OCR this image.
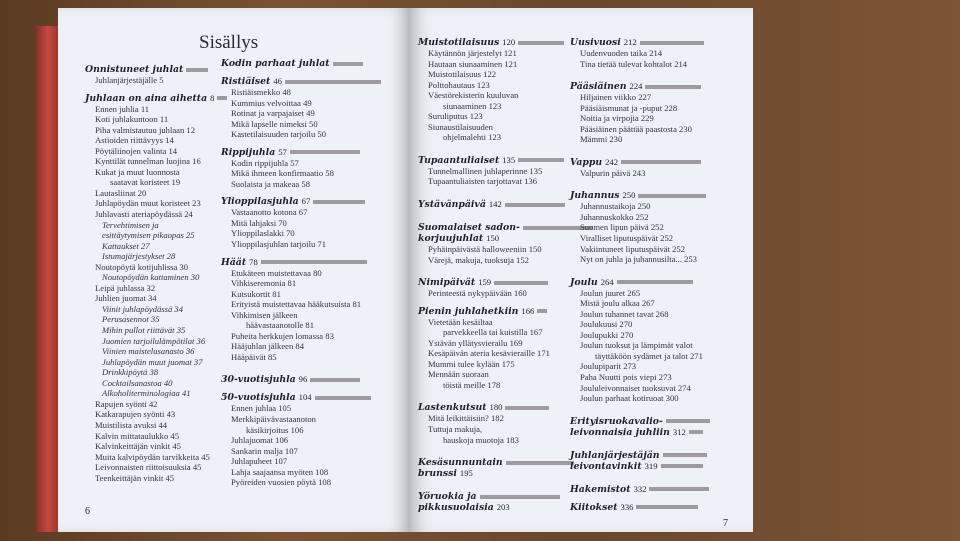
Sisällys
Onnistuneet juhlat
Juhlanjärjestäjälle 5
Juhlaan on aina aihetta 8
Ennen juhlia 11
Koti juhlakuntoon 11
Piha valmistautuu juhlaan 12
Astioiden riittävyys 14
Pöytäliinojen valinta 14
Kynttilät tunnelman luojina 16
Kukat ja muut luonnosta
saatavat koristeet 19
Lautasliinat 20
Juhlapöydän muut koristeet 23
Juhlavasti ateriapöydässä 24
Tervehtimisen ja
esittäytymisen pikaopas 25
Kattaukset 27
Istumajärjestykset 28
Noutopöytä kotijuhlissa 30
Noutopöydän kattaminen 30
Leipä juhlassa 32
Juhlien juomat 34
Viinit juhlapöydässä 34
Perusasennot 35
Mihin pullot riittävät 35
Juomien tarjoilulämpötilat 36
Viinien maistelusanasto 36
Juhlapöydän muut juomat 37
Drinkkipöytä 38
Cocktailsanastoa 40
Alkoholiterminologiaa 41
Rapujen syönti 42
Katkarapujen syönti 43
Muistilista avuksi 44
Kalvin mittataulukko 45
Kalvinkeittäjän vinkit 45
Muita kalvipöydän tarvikkeita 45
Leivonnaisten riittoisuuksia 45
Teenkeittäjän vinkit 45
Kodin parhaat juhlat
Ristiäiset 46
Ristiäismekko 48
Kummius velvoittaa 49
Rotinat ja varpajaiset 49
Mikä lapselle nimeksi 50
Kastetilaisuuden tarjoilu 50
Rippijuhla 57
Kodin rippijuhla 57
Mikä ihmeen konfirmaatio 58
Suolaista ja makeaa 58
Ylioppilasjuhla 67
Vastaanotto kotona 67
Mitä lahjaksi 70
Ylioppilaslakki 70
Ylioppilasjuhlan tarjoilu 71
Häät 78
Etukäteen muistettavaa 80
Vihkiseremonia 81
Kutsukortit 81
Erityistä muistettavaa hääkutsuista 81
Vihkimisen jälkeen
häävastaanotolle 81
Puheita herkkujen lomassa 83
Hääjuhlan jälkeen 84
Hääpäivät 85
30-vuotisjuhla 96
50-vuotisjuhla 104
Ennen juhlaa 105
Merkkipäivävastaanoton
käsikirjoitus 106
Juhlajuomat 106
Sankarin malja 107
Juhlapuheet 107
Lahja saajaansa myöten 108
Pyöreiden vuosien pöytä 108
6
Muistotilaisuus 120
Käytännön järjestelyt 121
Hautaan siunaaminen 121
Muistotilaisuus 122
Polttohautaus 123
Väestörekisterin kuuluvan
siunaaminen 123
Suruliputus 123
Siunaustilaisuuden
ohjelmalehti 123
Tupaantuliaiset 135
Tunnelmallinen juhlaperinne 135
Tupaantuliaisten tarjottavat 136
Ystävänpäivä 142
Suomalaiset sadon-
korjuujuhlat 150
Pyhäinpäivästä halloweeniin 150
Värejä, makuja, tuoksuja 152
Nimipäivät 159
Perinteestä nykypäivään 160
Pienin juhlahetkiin 166
Vietetään kesäiltaa
parvekkeella tai kuistilla 167
Ystävän yllätysvierailu 169
Kesäpäivän ateria kesävieraille 171
Mummi tulee kylään 175
Mennään suoraan
töistä meille 178
Lastenkutsut 180
Mitä leikittäisiin? 182
Tuttuja makuja,
hauskoja muotoja 183
Kesäsunnuntain
brunssi 195
Yöruokia ja
pikkusuolaisia 203
Uusivuosi 212
Uudenvuoden taika 214
Tina tietää tulevat kohtalot 214
Pääsiäinen 224
Hiljainen viikko 227
Pääsiäismunat ja -puput 228
Noitia ja virpojia 229
Pääsiäinen päättää paastosta 230
Mämmi 230
Vappu 242
Valpurin päivä 243
Juhannus 250
Juhannustaikoja 250
Juhannuskokko 252
Suomen lipun päivä 252
Viralliset liputuspäivät 252
Vakiintuneet liputuspäivät 252
Nyt on juhla ja juhannusilta... 253
Joulu 264
Joulun juuret 265
Mistä joulu alkaa 267
Joulun tuhannet tavat 268
Joulukuusi 270
Joulupukki 270
Joulun tuoksut ja lämpimät valot
täyttäköön sydämet ja talot 271
Joulupiparit 273
Paha Nuutti pois viepi 273
Joululeivonnaiset tuoksuvat 274
Joulun parhaat kotiruoat 300
Erityisruokavalio-
leivonnaisia juhliin 312
Juhlanjärjestäjän
leivontavinkit 319
Hakemistot 332
Kiitokset 336
7
